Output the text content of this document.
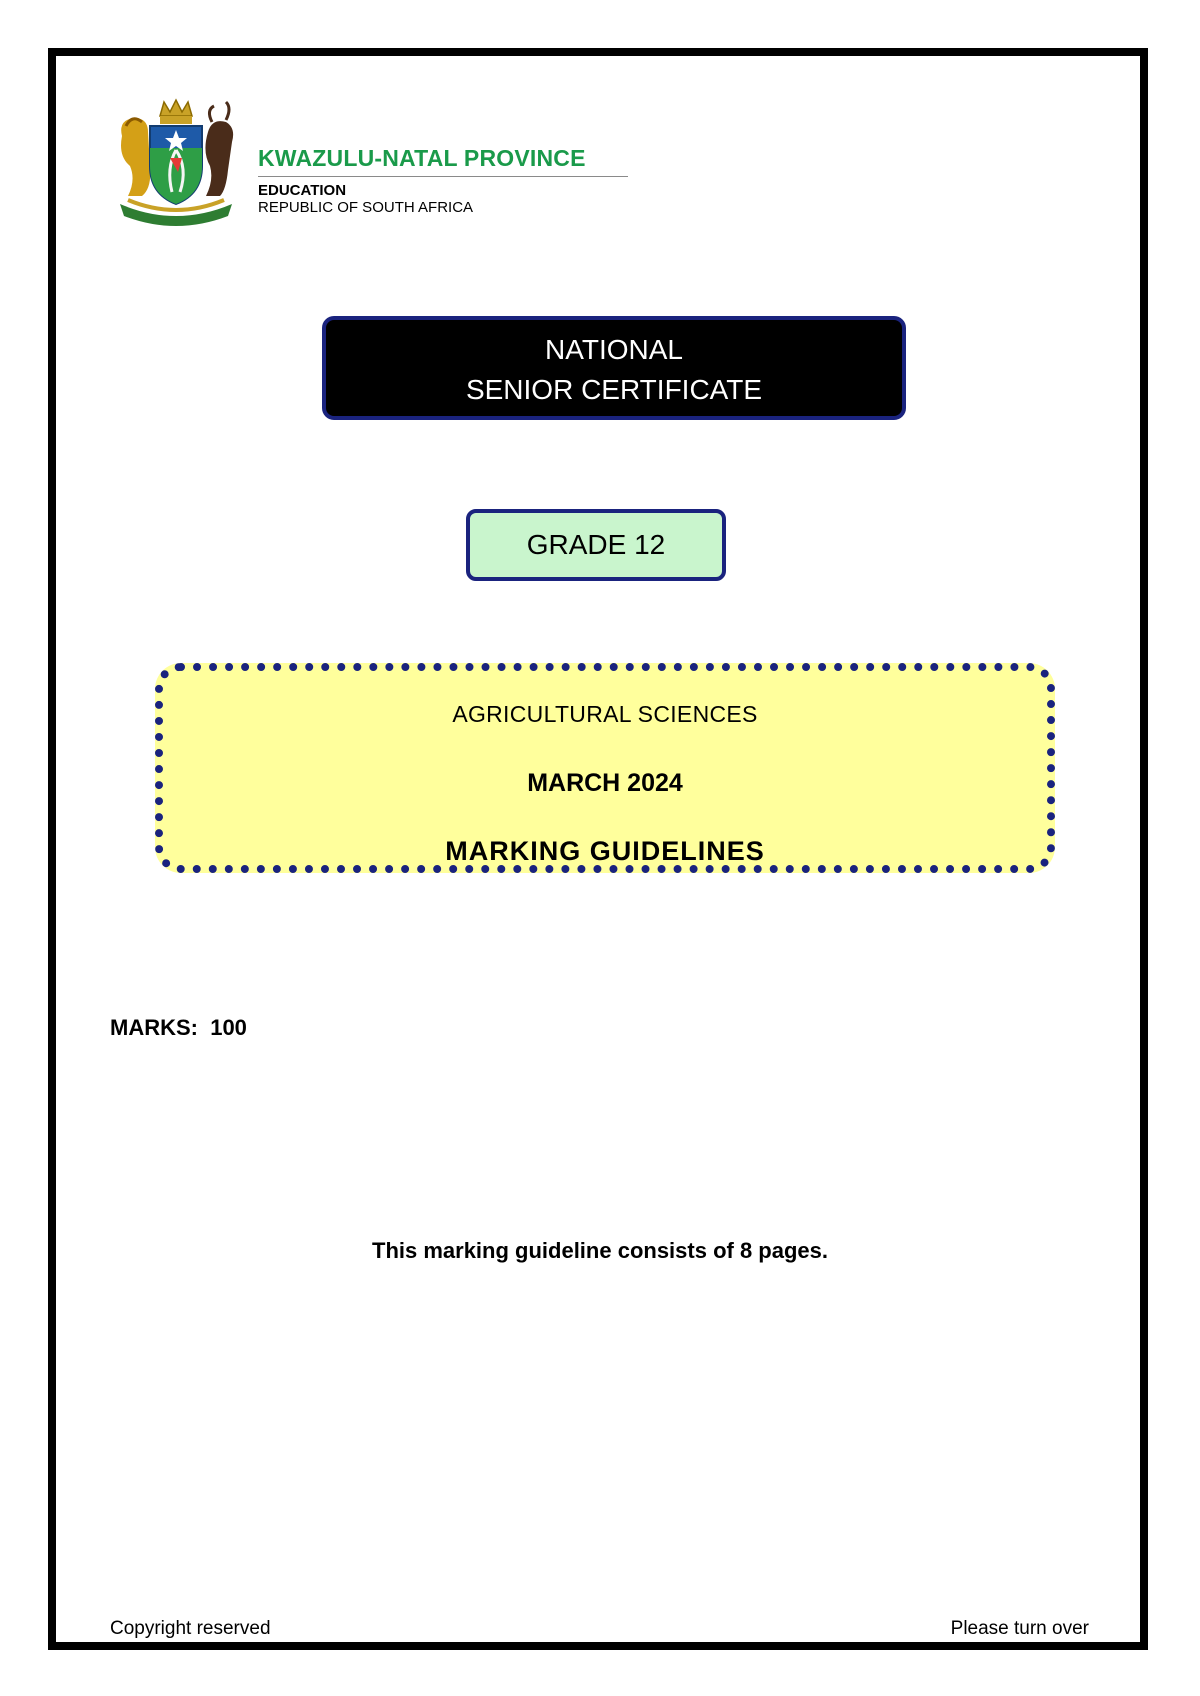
KWAZULU-NATAL PROVINCE
EDUCATION
REPUBLIC OF SOUTH AFRICA
NATIONAL
SENIOR CERTIFICATE
GRADE 12
AGRICULTURAL SCIENCES
MARCH 2024
MARKING GUIDELINES
MARKS:  100
This marking guideline consists of 8 pages.
Copyright reserved	Please turn over
